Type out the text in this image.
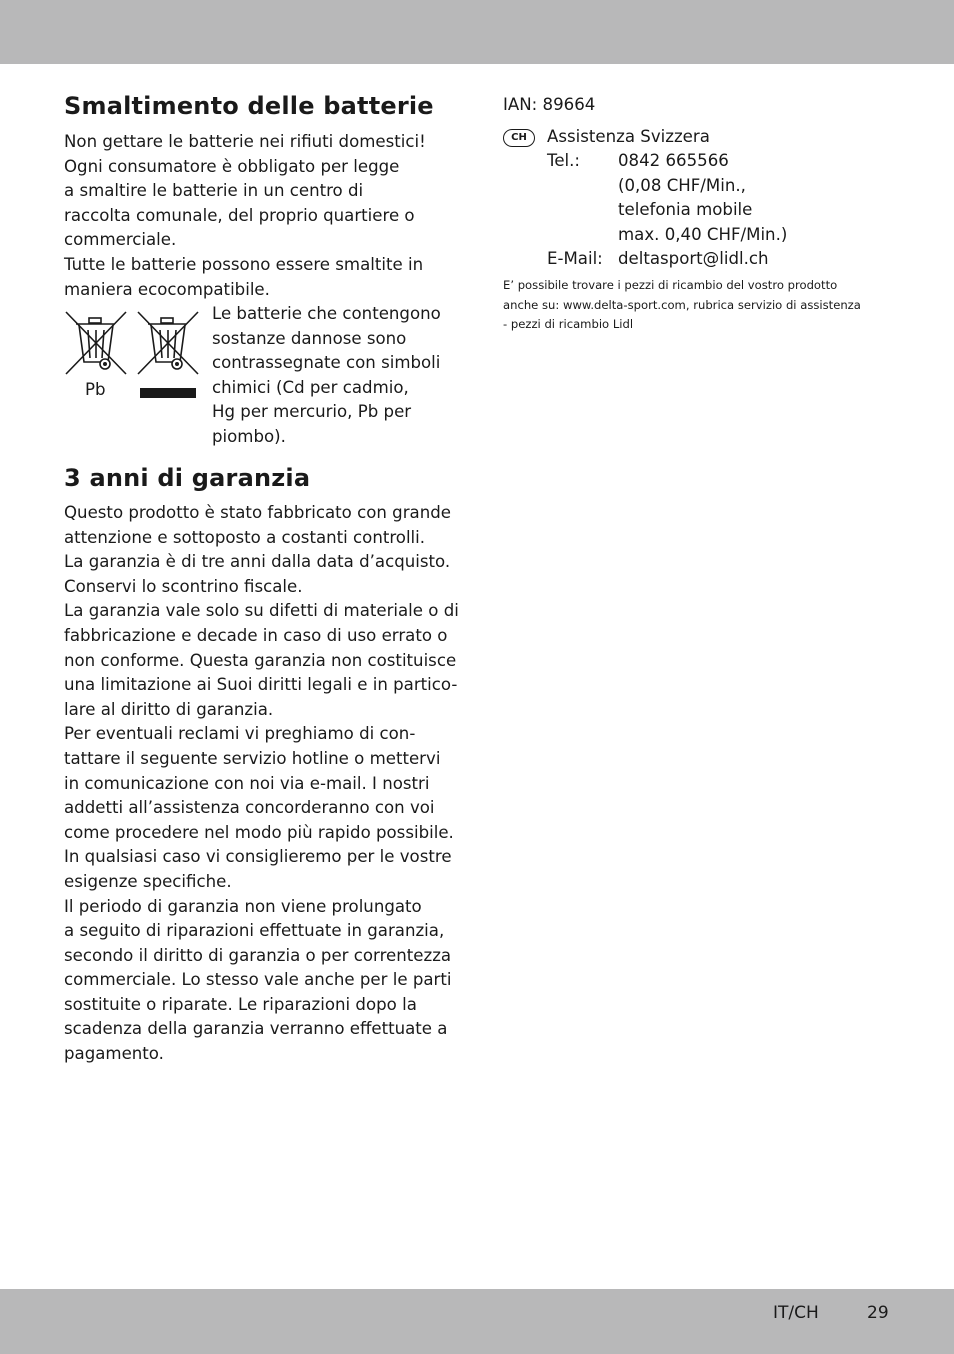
Smaltimento delle batterie
Non gettare le batterie nei rifiuti domestici!
Ogni consumatore è obbligato per legge
a smaltire le batterie in un centro di
raccolta comunale, del proprio quartiere o
commerciale.
Tutte le batterie possono essere smaltite in
maniera ecocompatibile.
Pb
Le batterie che contengono
sostanze dannose sono
contrassegnate con simboli
chimici (Cd per cadmio,
Hg per mercurio, Pb per
piombo).
3 anni di garanzia
Questo prodotto è stato fabbricato con grande
attenzione e sottoposto a costanti controlli.
La garanzia è di tre anni dalla data d’acquisto.
Conservi lo scontrino fiscale.
La garanzia vale solo su difetti di materiale o di
fabbricazione e decade in caso di uso errato o
non conforme. Questa garanzia non costituisce
una limitazione ai Suoi diritti legali e in partico-
lare al diritto di garanzia.
Per eventuali reclami vi preghiamo di con-
tattare il seguente servizio hotline o mettervi
in comunicazione con noi via e-mail. I nostri
addetti all’assistenza concorderanno con voi
come procedere nel modo più rapido possibile.
In qualsiasi caso vi consiglieremo per le vostre
esigenze specifiche.
Il periodo di garanzia non viene prolungato
a seguito di riparazioni effettuate in garanzia,
secondo il diritto di garanzia o per correntezza
commerciale. Lo stesso vale anche per le parti
sostituite o riparate. Le riparazioni dopo la
scadenza della garanzia verranno effettuate a
pagamento.
IAN: 89664
CH	Assistenza Svizzera
Tel.: 0842 665566
(0,08 CHF/Min.,
telefonia mobile
max. 0,40 CHF/Min.)
E-Mail: deltasport@lidl.ch
E’ possibile trovare i pezzi di ricambio del vostro prodotto
anche su: www.delta-sport.com, rubrica servizio di assistenza
- pezzi di ricambio Lidl
IT/CH	29
